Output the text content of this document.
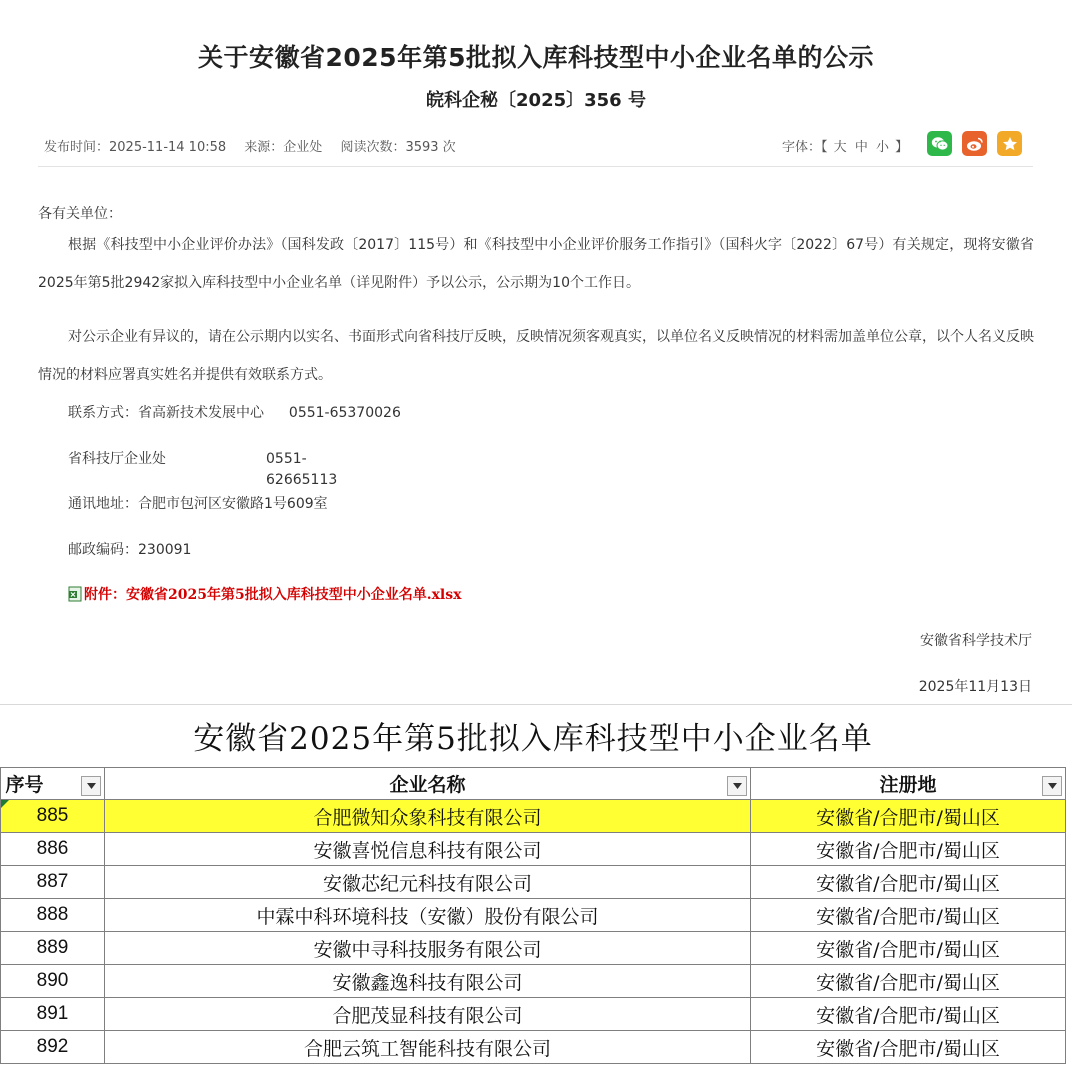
关于安徽省2025年第5批拟入库科技型中小企业名单的公示
皖科企秘〔2025〕356 号
发布时间：2025-11-14 10:58 来源：企业处 阅读次数：3593 次	字体：【 大 中 小 】
各有关单位：
根据《科技型中小企业评价办法》（国科发政〔2017〕115号）和《科技型中小企业评价服务工作指引》（国科火字〔2022〕67号）有关规定，现将安徽省2025年第5批2942家拟入库科技型中小企业名单（详见附件）予以公示，公示期为10个工作日。
对公示企业有异议的，请在公示期内以实名、书面形式向省科技厅反映，反映情况须客观真实，以单位名义反映情况的材料需加盖单位公章，以个人名义反映情况的材料应署真实姓名并提供有效联系方式。
联系方式：省高新技术发展中心 0551-65370026
省科技厅企业处	0551-62665113
通讯地址：合肥市包河区安徽路1号609室
邮政编码：230091
附件：安徽省2025年第5批拟入库科技型中小企业名单.xlsx
安徽省科学技术厅
2025年11月13日
安徽省2025年第5批拟入库科技型中小企业名单
序号	企业名称	注册地

885	合肥微知众象科技有限公司	安徽省/合肥市/蜀山区
886	安徽喜悦信息科技有限公司	安徽省/合肥市/蜀山区
887	安徽芯纪元科技有限公司	安徽省/合肥市/蜀山区
888	中霖中科环境科技（安徽）股份有限公司	安徽省/合肥市/蜀山区
889	安徽中寻科技服务有限公司	安徽省/合肥市/蜀山区
890	安徽鑫逸科技有限公司	安徽省/合肥市/蜀山区
891	合肥茂显科技有限公司	安徽省/合肥市/蜀山区
892	合肥云筑工智能科技有限公司	安徽省/合肥市/蜀山区
